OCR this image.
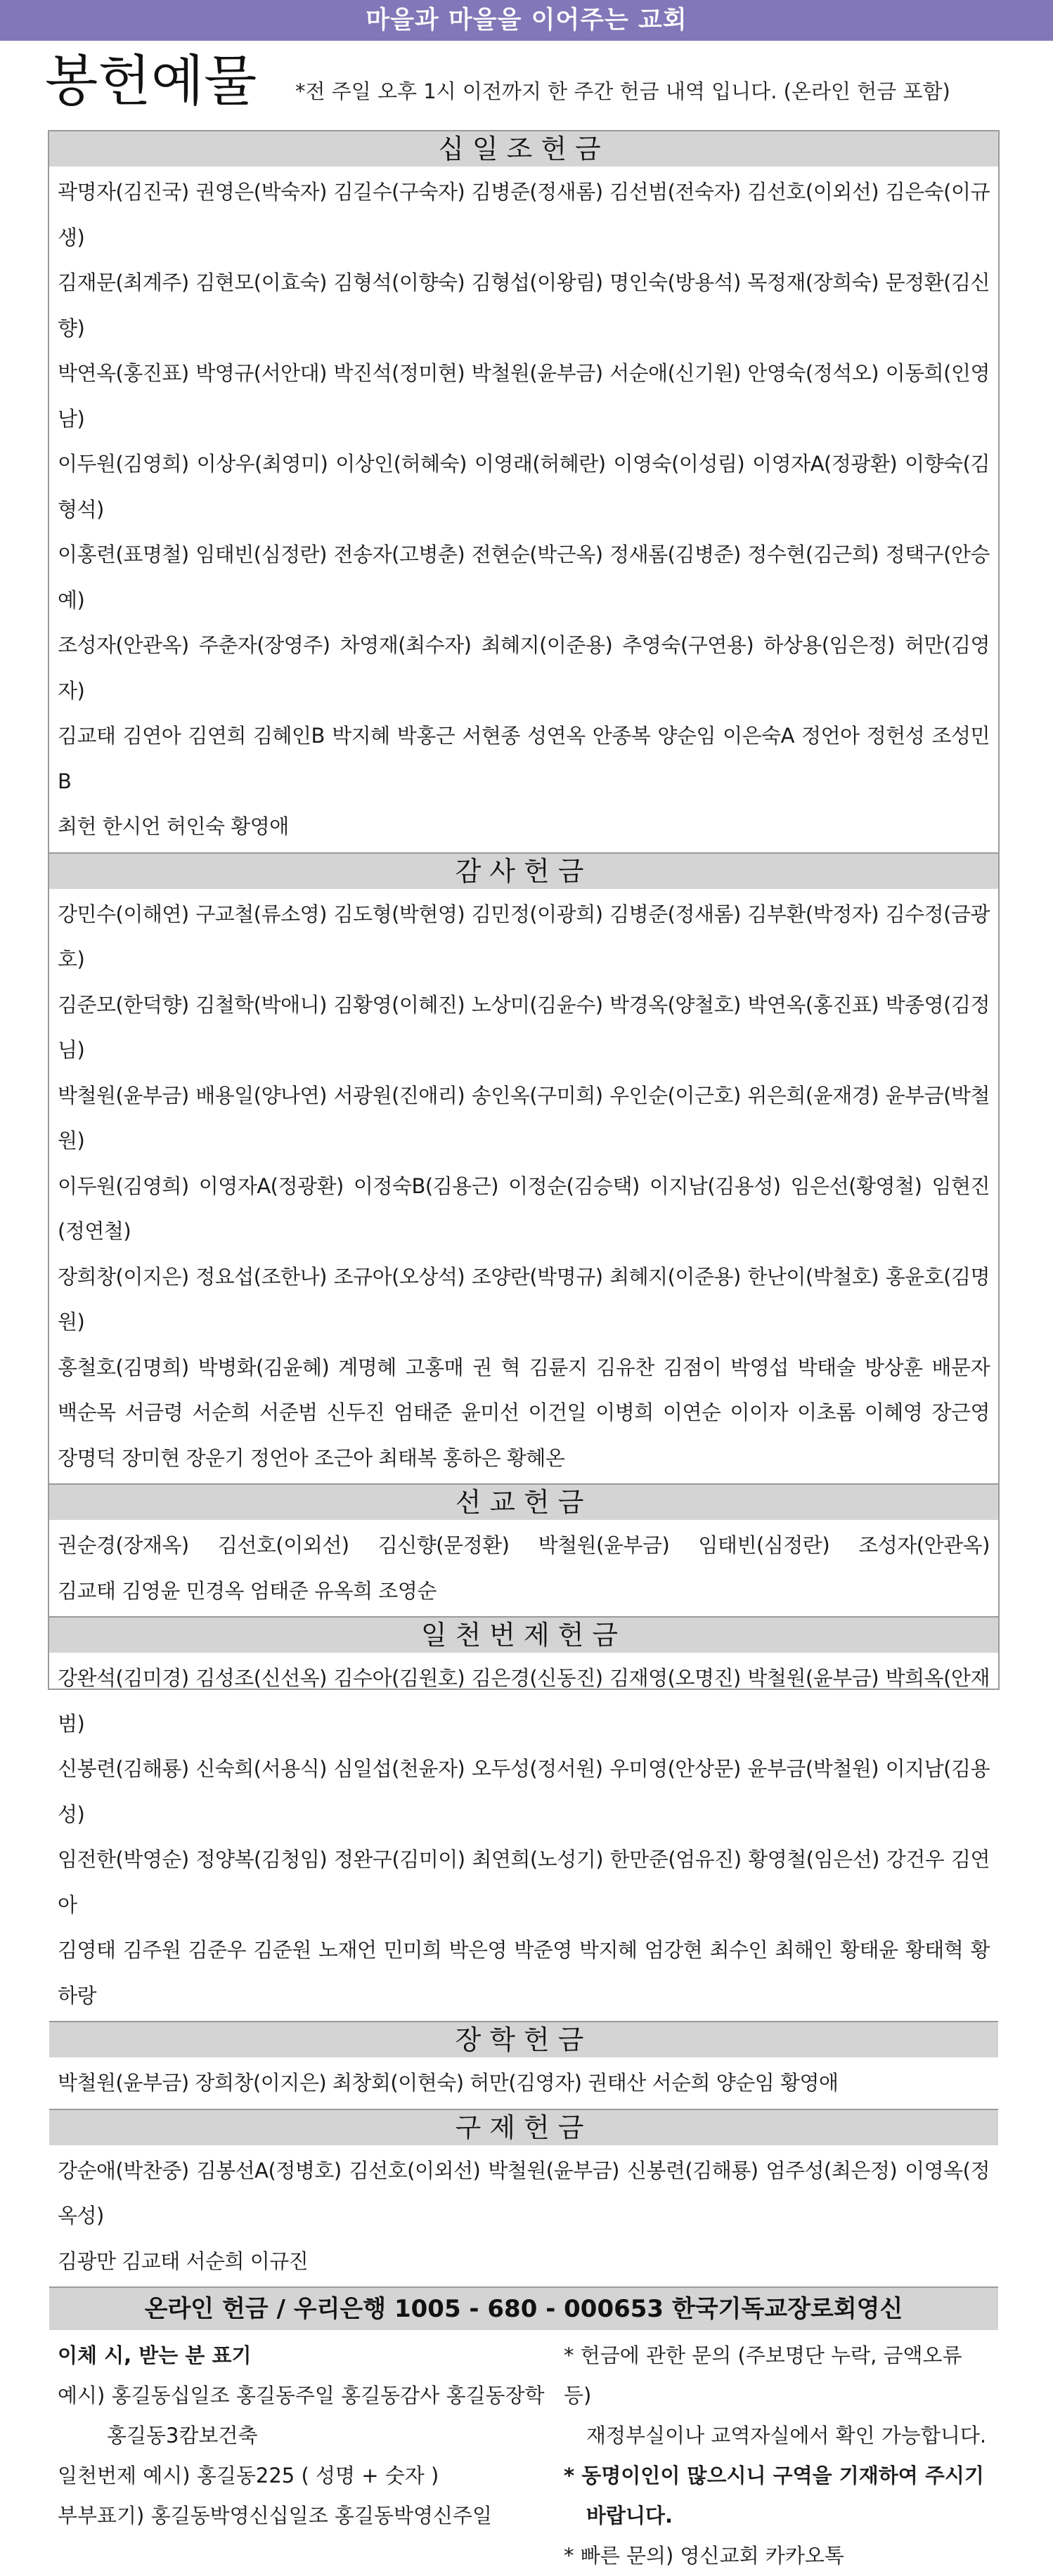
마을과 마을을 이어주는 교회
봉헌예물 *전 주일 오후 1시 이전까지 한 주간 헌금 내역 입니다. (온라인 헌금 포함)
십일조헌금

곽명자(김진국) 권영은(박숙자) 김길수(구숙자) 김병준(정새롬) 김선범(전숙자) 김선호(이외선) 김은숙(이규생)

김재문(최계주) 김현모(이효숙) 김형석(이향숙) 김형섭(이왕림) 명인숙(방용석) 목정재(장희숙) 문정환(김신향)

박연옥(홍진표) 박영규(서안대) 박진석(정미현) 박철원(윤부금) 서순애(신기원) 안영숙(정석오) 이동희(인영남)

이두원(김영희) 이상우(최영미) 이상인(허혜숙) 이영래(허혜란) 이영숙(이성림) 이영자A(정광환) 이향숙(김형석)

이홍련(표명철) 임태빈(심정란) 전송자(고병춘) 전현순(박근옥) 정새롬(김병준) 정수현(김근희) 정택구(안승예)

조성자(안관옥) 주춘자(장영주) 차영재(최수자) 최혜지(이준용) 추영숙(구연용) 하상용(임은정) 허만(김영자)

김교태 김연아 김연희 김혜인B 박지혜 박홍근 서현종 성연옥 안종복 양순임 이은숙A 정언아 정헌성 조성민B

최헌 한시언 허인숙 황영애

감사헌금

강민수(이해연) 구교철(류소영) 김도형(박현영) 김민정(이광희) 김병준(정새롬) 김부환(박정자) 김수정(금광호)

김준모(한덕향) 김철학(박애니) 김황영(이혜진) 노상미(김윤수) 박경옥(양철호) 박연옥(홍진표) 박종영(김정님)

박철원(윤부금) 배용일(양나연) 서광원(진애리) 송인옥(구미희) 우인순(이근호) 위은희(윤재경) 윤부금(박철원)

이두원(김영희) 이영자A(정광환) 이정숙B(김용근) 이정순(김승택) 이지남(김용성) 임은선(황영철) 임현진(정연철)

장희창(이지은) 정요섭(조한나) 조규아(오상석) 조양란(박명규) 최혜지(이준용) 한난이(박철호) 홍윤호(김명원)

홍철호(김명희) 박병화(김윤혜) 계명혜 고홍매 권 혁 김륜지 김유찬 김점이 박영섭 박태술 방상훈 배문자

백순목 서금령 서순희 서준범 신두진 엄태준 윤미선 이건일 이병희 이연순 이이자 이초롬 이혜영 장근영

장명덕 장미현 장운기 정언아 조근아 최태복 홍하은 황혜온

선교헌금

권순경(장재옥) 김선호(이외선) 김신향(문정환) 박철원(윤부금) 임태빈(심정란) 조성자(안관옥)

김교태 김영윤 민경옥 엄태준 유옥희 조영순

일천번제헌금

강완석(김미경) 김성조(신선옥) 김수아(김원호) 김은경(신동진) 김재영(오명진) 박철원(윤부금) 박희옥(안재범)

신봉련(김해룡) 신숙희(서용식) 심일섭(천윤자) 오두성(정서원) 우미영(안상문) 윤부금(박철원) 이지남(김용성)

임전한(박영순) 정양복(김청임) 정완구(김미이) 최연희(노성기) 한만준(엄유진) 황영철(임은선) 강건우 김연아

김영태 김주원 김준우 김준원 노재언 민미희 박은영 박준영 박지혜 엄강현 최수인 최해인 황태윤 황태혁 황하랑

장학헌금

박철원(윤부금) 장희창(이지은) 최창회(이현숙) 허만(김영자) 권태산 서순희 양순임 황영애

구제헌금

강순애(박찬중) 김봉선A(정병호) 김선호(이외선) 박철원(윤부금) 신봉련(김해룡) 엄주성(최은정) 이영옥(정옥성)

김광만 김교태 서순희 이규진

온라인 헌금 / 우리은행 1005 - 680 - 000653 한국기독교장로회영신

이체 시, 받는 분 표기

예시) 홍길동십일조 홍길동주일 홍길동감사 홍길동장학

홍길동3캄보건축

일천번제 예시) 홍길동225 ( 성명 + 숫자 )

부부표기) 홍길동박영신십일조 홍길동박영신주일

* 헌금에 관한 문의 (주보명단 누락, 금액오류 등)

재정부실이나 교역자실에서 확인 가능합니다.

* 동명이인이 많으시니 구역을 기재하여 주시기

바랍니다.

* 빠른 문의) 영신교회 카카오톡
